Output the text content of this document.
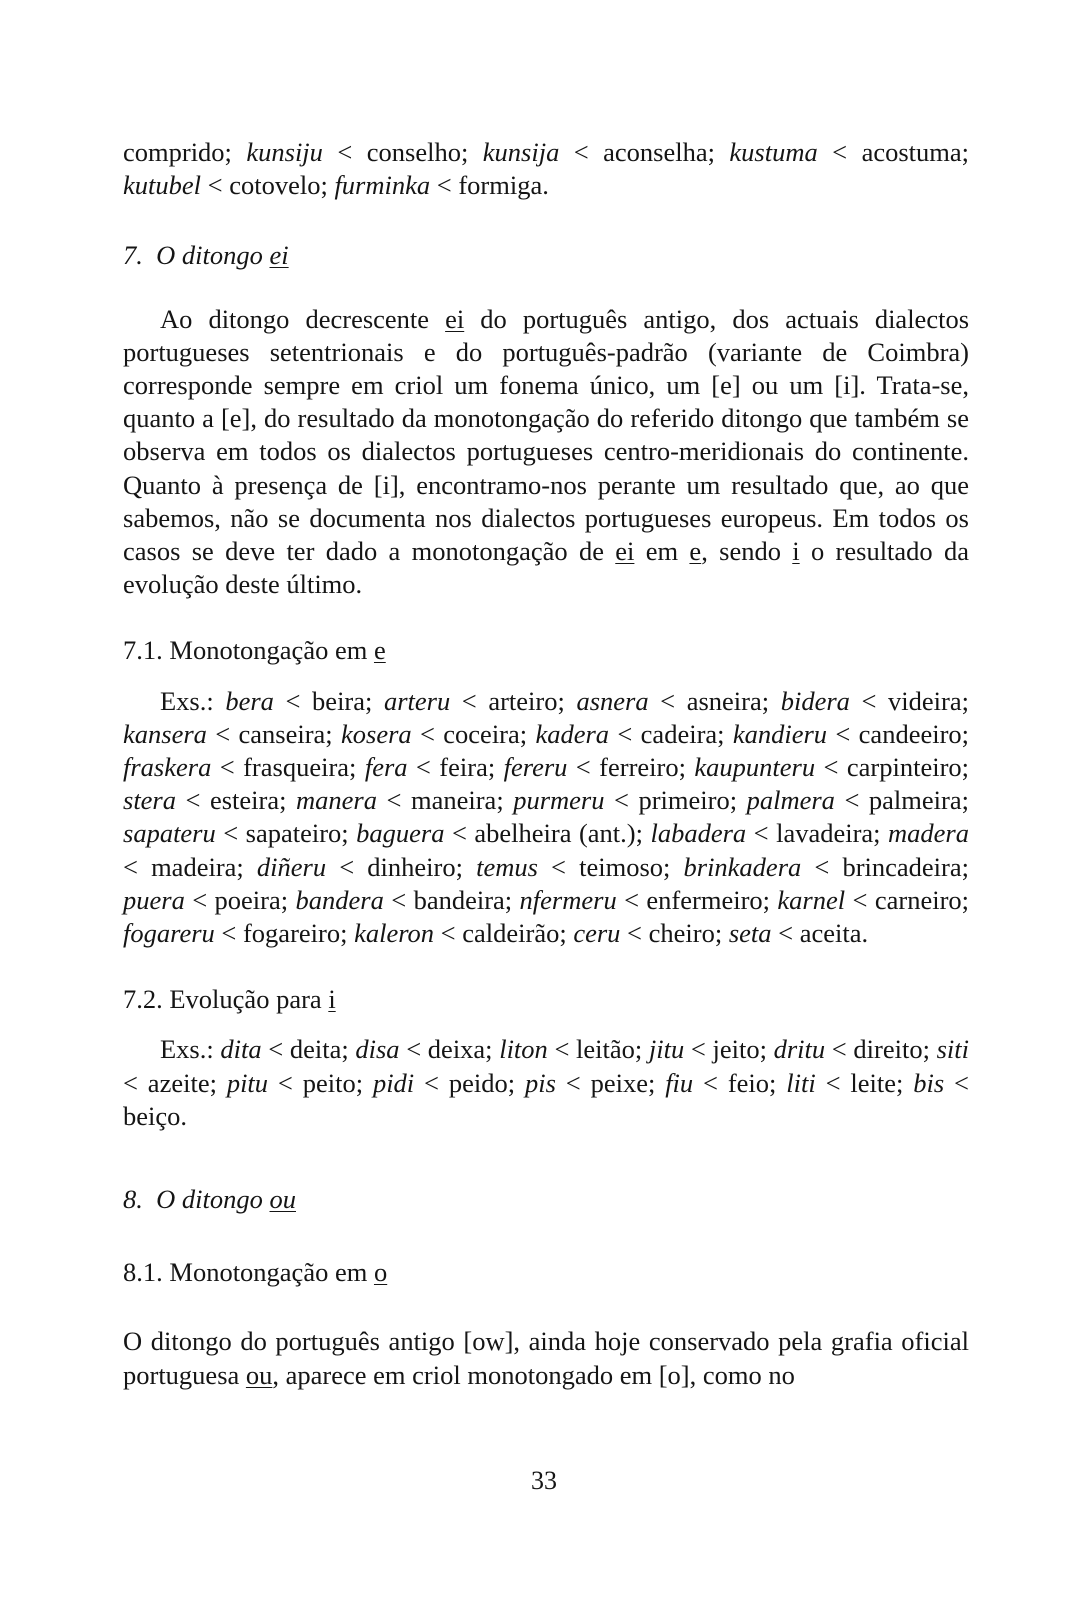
comprido; kunsiju < conselho; kunsija < aconselha; kustuma < acostuma; kutubel < cotovelo; furminka < formiga.

7. O ditongo ei

Ao ditongo decrescente ei do português antigo, dos actuais dialectos portugueses setentrionais e do português-padrão (variante de Coimbra) corresponde sempre em criol um fonema único, um [e] ou um [i]. Trata-se, quanto a [e], do resultado da monotongação do referido ditongo que também se observa em todos os dialectos portugueses centro-meridionais do continente. Quanto à presença de [i], encontramo-nos perante um resultado que, ao que sabemos, não se documenta nos dialectos portugueses europeus. Em todos os casos se deve ter dado a monotongação de ei em e, sendo i o resultado da evolução deste último.

7.1. Monotongação em e

Exs.: bera < beira; arteru < arteiro; asnera < asneira; bidera < videira; kansera < canseira; kosera < coceira; kadera < cadeira; kandieru < candeeiro; fraskera < frasqueira; fera < feira; fereru < ferreiro; kaupunteru < carpinteiro; stera < esteira; manera < maneira; purmeru < primeiro; palmera < palmeira; sapateru < sapateiro; baguera < abelheira (ant.); labadera < lavadeira; madera < madeira; diñeru < dinheiro; temus < teimoso; brinkadera < brincadeira; puera < poeira; bandera < bandeira; nfermeru < enfermeiro; karnel < carneiro; fogareru < fogareiro; kaleron < caldeirão; ceru < cheiro; seta < aceita.

7.2. Evolução para i

Exs.: dita < deita; disa < deixa; liton < leitão; jitu < jeito; dritu < direito; siti < azeite; pitu < peito; pidi < peido; pis < peixe; fiu < feio; liti < leite; bis < beiço.

8. O ditongo ou
8.1. Monotongação em o

O ditongo do português antigo [ow], ainda hoje conservado pela grafia oficial portuguesa ou, aparece em criol monotongado em [o], como no

33
